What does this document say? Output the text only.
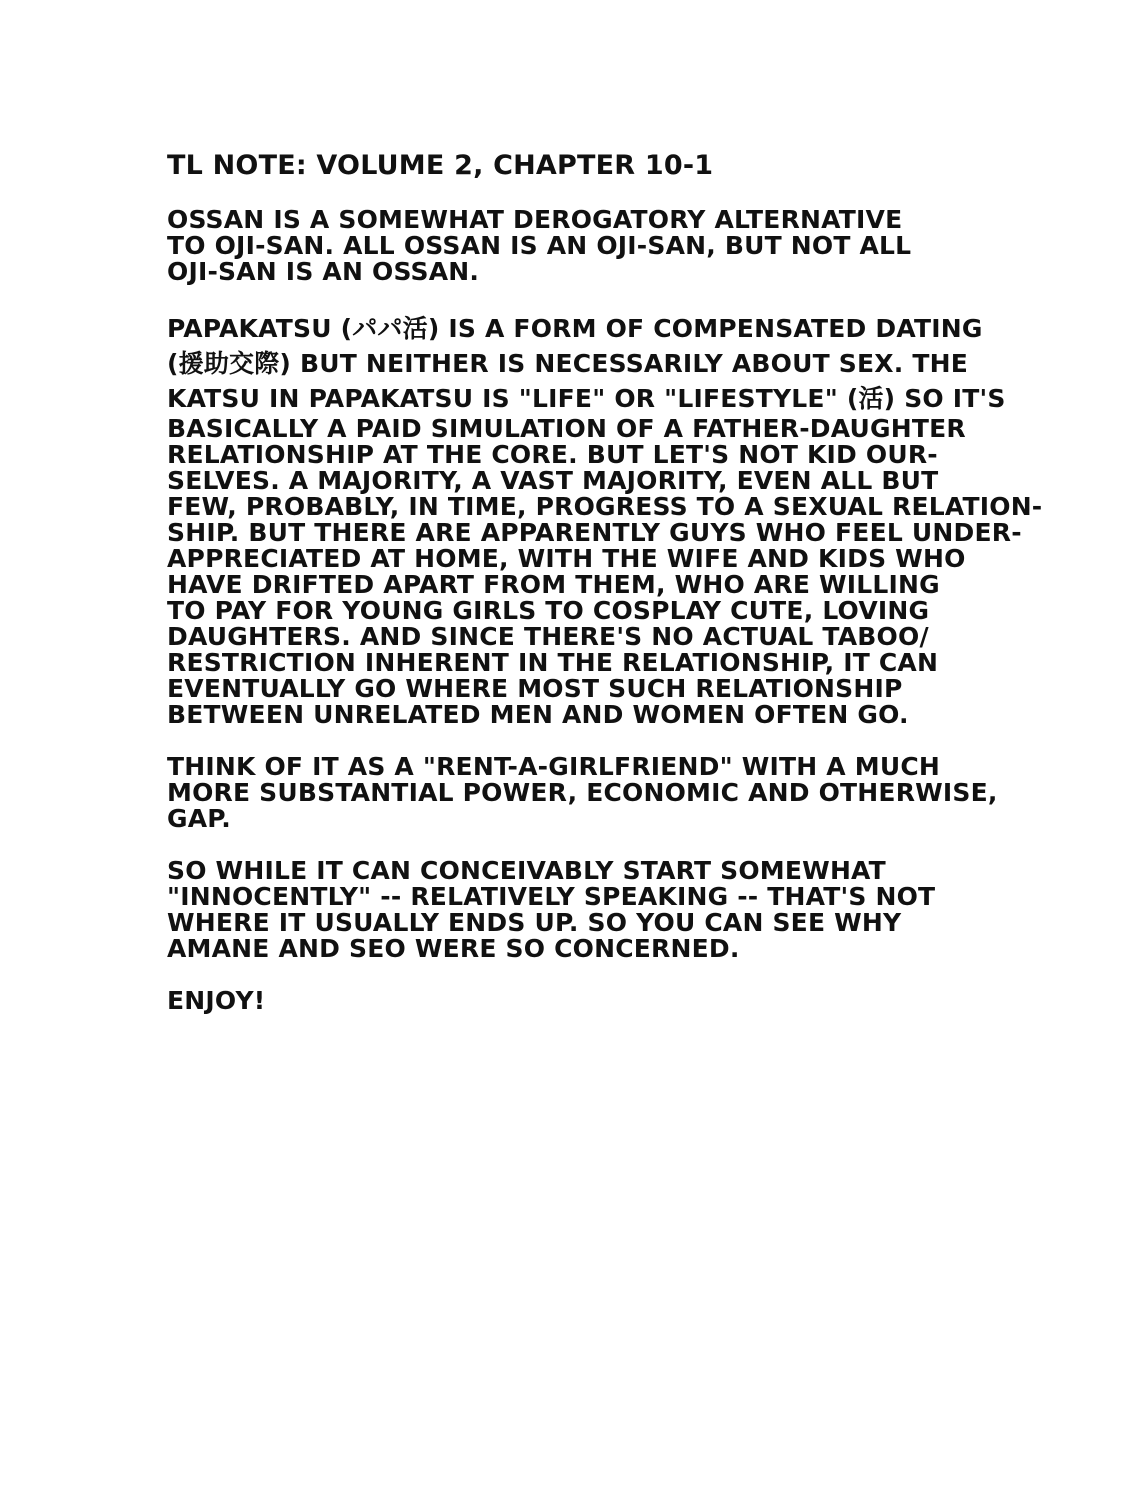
TL NOTE: VOLUME 2, CHAPTER 10-1
OSSAN IS A SOMEWHAT DEROGATORY ALTERNATIVE
TO OJI-SAN. ALL OSSAN IS AN OJI-SAN, BUT NOT ALL
OJI-SAN IS AN OSSAN.
PAPAKATSU (パパ活) IS A FORM OF COMPENSATED DATING
(援助交際) BUT NEITHER IS NECESSARILY ABOUT SEX. THE
KATSU IN PAPAKATSU IS "LIFE" OR "LIFESTYLE" (活) SO IT'S
BASICALLY A PAID SIMULATION OF A FATHER-DAUGHTER
RELATIONSHIP AT THE CORE. BUT LET'S NOT KID OUR-
SELVES. A MAJORITY, A VAST MAJORITY, EVEN ALL BUT
FEW, PROBABLY, IN TIME, PROGRESS TO A SEXUAL RELATION-
SHIP. BUT THERE ARE APPARENTLY GUYS WHO FEEL UNDER-
APPRECIATED AT HOME, WITH THE WIFE AND KIDS WHO
HAVE DRIFTED APART FROM THEM, WHO ARE WILLING
TO PAY FOR YOUNG GIRLS TO COSPLAY CUTE, LOVING
DAUGHTERS. AND SINCE THERE'S NO ACTUAL TABOO/
RESTRICTION INHERENT IN THE RELATIONSHIP, IT CAN
EVENTUALLY GO WHERE MOST SUCH RELATIONSHIP
BETWEEN UNRELATED MEN AND WOMEN OFTEN GO.
THINK OF IT AS A "RENT-A-GIRLFRIEND" WITH A MUCH
MORE SUBSTANTIAL POWER, ECONOMIC AND OTHERWISE,
GAP.
SO WHILE IT CAN CONCEIVABLY START SOMEWHAT
"INNOCENTLY" -- RELATIVELY SPEAKING -- THAT'S NOT
WHERE IT USUALLY ENDS UP. SO YOU CAN SEE WHY
AMANE AND SEO WERE SO CONCERNED.
ENJOY!
